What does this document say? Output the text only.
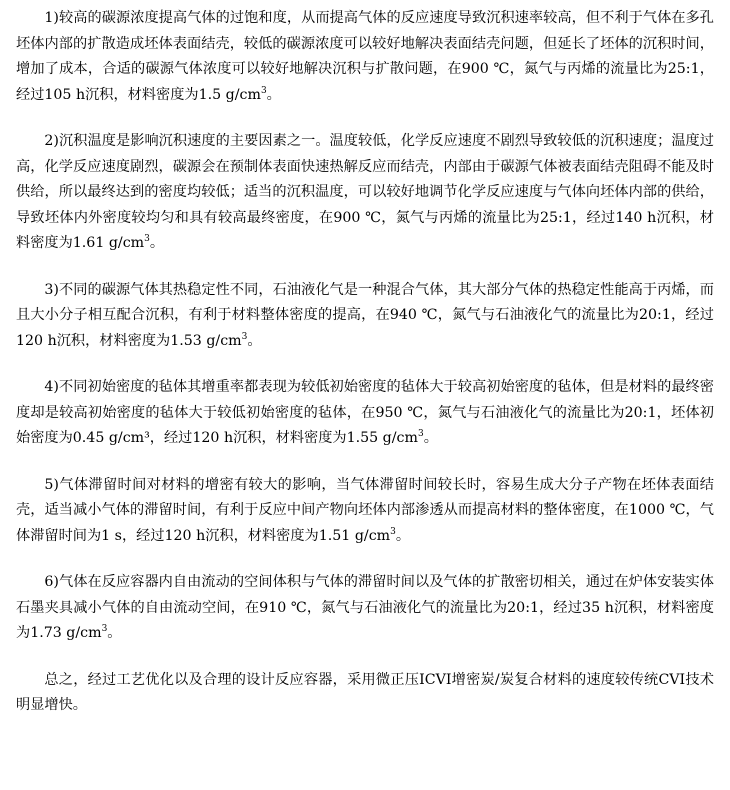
1)较高的碳源浓度提高气体的过饱和度，从而提高气体的反应速度导致沉积速率较高，但不利于气体在多孔坯体内部的扩散造成坯体表面结壳，较低的碳源浓度可以较好地解决表面结壳问题，但延长了坯体的沉积时间，增加了成本，合适的碳源气体浓度可以较好地解决沉积与扩散问题，在900 ℃，氮气与丙烯的流量比为25:1，经过105 h沉积，材料密度为1.5 $g/cm^3$。

2)沉积温度是影响沉积速度的主要因素之一。温度较低，化学反应速度不剧烈导致较低的沉积速度；温度过高，化学反应速度剧烈，碳源会在预制体表面快速热解反应而结壳，内部由于碳源气体被表面结壳阻碍不能及时供给，所以最终达到的密度均较低；适当的沉积温度，可以较好地调节化学反应速度与气体向坯体内部的供给，导致坯体内外密度较均匀和具有较高最终密度，在900 ℃，氮气与丙烯的流量比为25:1，经过140 h沉积，材料密度为1.61 $g/cm^3$。

3)不同的碳源气体其热稳定性不同，石油液化气是一种混合气体，其大部分气体的热稳定性能高于丙烯，而且大小分子相互配合沉积，有利于材料整体密度的提高，在940 ℃，氮气与石油液化气的流量比为20:1，经过120 h沉积，材料密度为1.53 $g/cm^3$。

4)不同初始密度的毡体其增重率都表现为较低初始密度的毡体大于较高初始密度的毡体，但是材料的最终密度却是较高初始密度的毡体大于较低初始密度的毡体，在950 ℃，氮气与石油液化气的流量比为20:1，坯体初始密度为0.45 g/cm³，经过120 h沉积，材料密度为1.55 $g/cm^3$。

5)气体滞留时间对材料的增密有较大的影响，当气体滞留时间较长时，容易生成大分子产物在坯体表面结壳，适当减小气体的滞留时间，有利于反应中间产物向坯体内部渗透从而提高材料的整体密度，在1000 ℃，气体滞留时间为1 s，经过120 h沉积，材料密度为1.51 $g/cm^3$。

6)气体在反应容器内自由流动的空间体积与气体的滞留时间以及气体的扩散密切相关，通过在炉体安装实体石墨夹具减小气体的自由流动空间，在910 ℃，氮气与石油液化气的流量比为20:1，经过35 h沉积，材料密度为1.73 $g/cm^3$。

总之，经过工艺优化以及合理的设计反应容器，采用微正压ICVI增密炭/炭复合材料的速度较传统CVI技术明显增快。
